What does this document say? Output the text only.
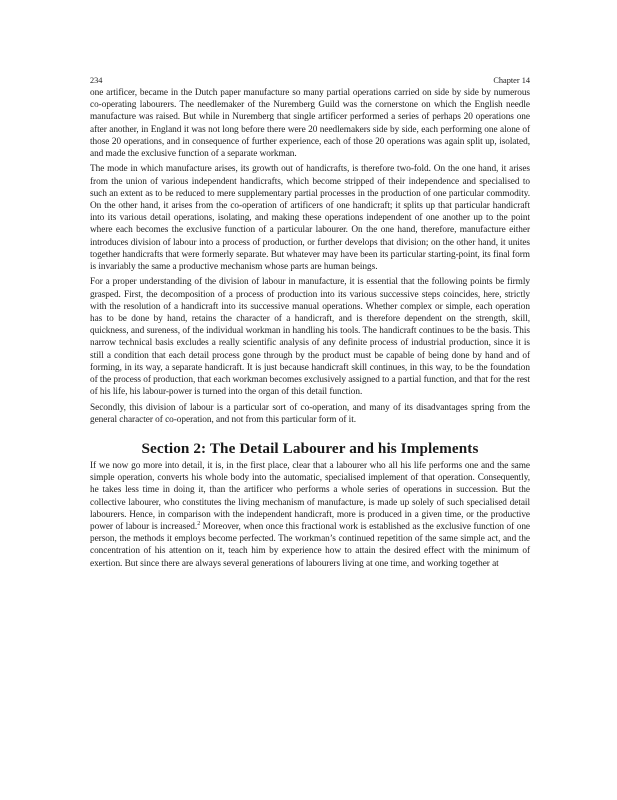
234	Chapter 14

one artificer, became in the Dutch paper manufacture so many partial operations carried on side by side by numerous co-operating labourers. The needlemaker of the Nuremberg Guild was the cornerstone on which the English needle manufacture was raised. But while in Nuremberg that single artificer performed a series of perhaps 20 operations one after another, in England it was not long before there were 20 needlemakers side by side, each performing one alone of those 20 operations, and in consequence of further experience, each of those 20 operations was again split up, isolated, and made the exclusive function of a separate workman.

The mode in which manufacture arises, its growth out of handicrafts, is therefore two-fold. On the one hand, it arises from the union of various independent handicrafts, which become stripped of their independence and specialised to such an extent as to be reduced to mere supplementary partial processes in the production of one particular commodity. On the other hand, it arises from the co-operation of artificers of one handicraft; it splits up that particular handicraft into its various detail operations, isolating, and making these operations independent of one another up to the point where each becomes the exclusive function of a particular labourer. On the one hand, therefore, manufacture either introduces division of labour into a process of production, or further develops that division; on the other hand, it unites together handicrafts that were formerly separate. But whatever may have been its particular starting-point, its final form is invariably the same a productive mechanism whose parts are human beings.

For a proper understanding of the division of labour in manufacture, it is essential that the following points be firmly grasped. First, the decomposition of a process of production into its various successive steps coincides, here, strictly with the resolution of a handicraft into its successive manual operations. Whether complex or simple, each operation has to be done by hand, retains the character of a handicraft, and is therefore dependent on the strength, skill, quickness, and sureness, of the individual workman in handling his tools. The handicraft continues to be the basis. This narrow technical basis excludes a really scientific analysis of any definite process of industrial production, since it is still a condition that each detail process gone through by the product must be capable of being done by hand and of forming, in its way, a separate handicraft. It is just because handicraft skill continues, in this way, to be the foundation of the process of production, that each workman becomes exclusively assigned to a partial function, and that for the rest of his life, his labour-power is turned into the organ of this detail function.

Secondly, this division of labour is a particular sort of co-operation, and many of its disadvantages spring from the general character of co-operation, and not from this particular form of it.

Section 2: The Detail Labourer and his Implements

If we now go more into detail, it is, in the first place, clear that a labourer who all his life performs one and the same simple operation, converts his whole body into the automatic, specialised implement of that operation. Consequently, he takes less time in doing it, than the artificer who performs a whole series of operations in succession. But the collective labourer, who constitutes the living mechanism of manufacture, is made up solely of such specialised detail labourers. Hence, in comparison with the independent handicraft, more is produced in a given time, or the productive power of labour is increased.$^2$ Moreover, when once this fractional work is established as the exclusive function of one person, the methods it employs become perfected. The workman’s continued repetition of the same simple act, and the concentration of his attention on it, teach him by experience how to attain the desired effect with the minimum of exertion. But since there are always several generations of labourers living at one time, and working together at
